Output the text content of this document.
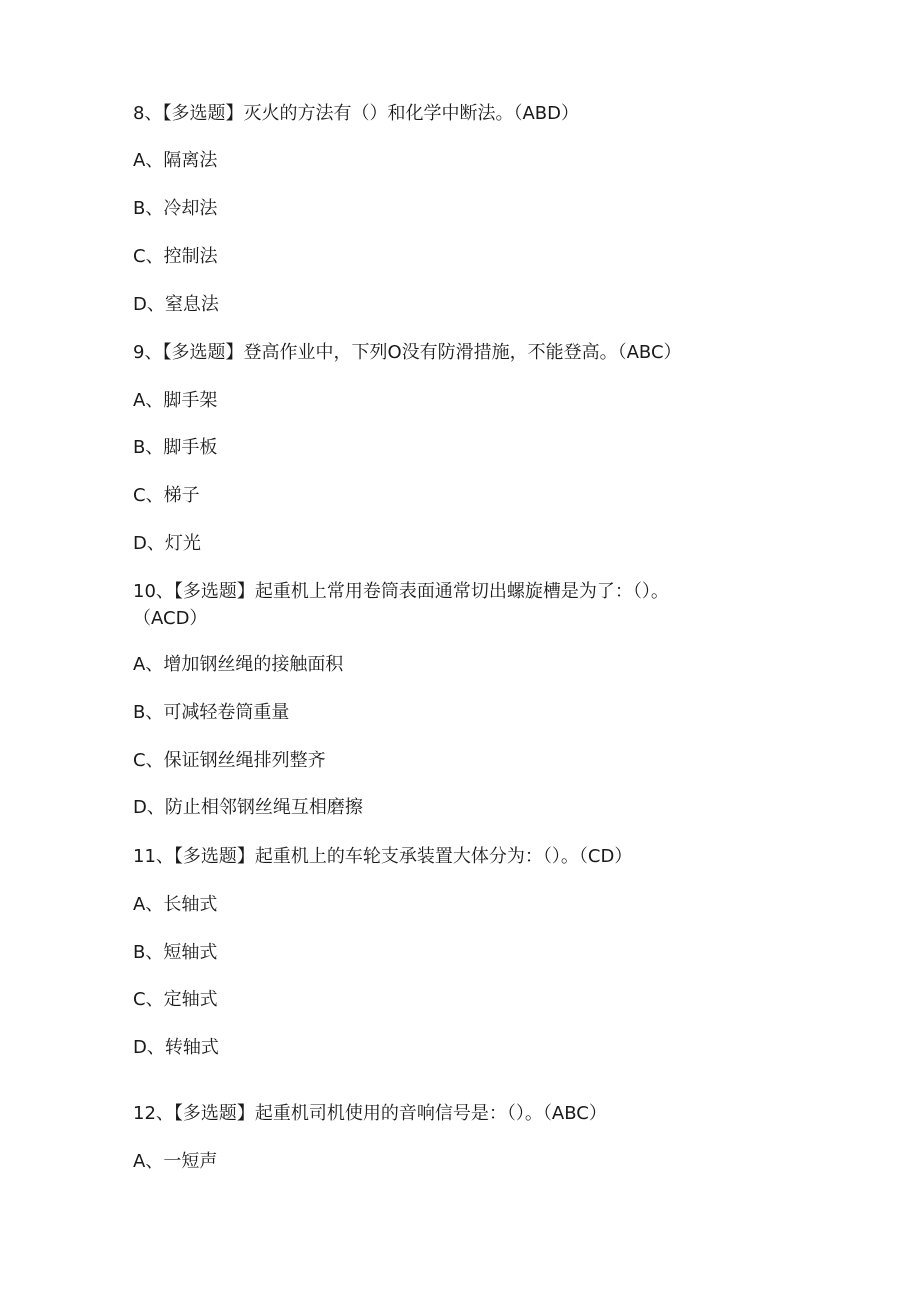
8、【多选题】灭火的方法有（）和化学中断法。（ABD）
A、隔离法
B、冷却法
C、控制法
D、窒息法
9、【多选题】登高作业中，下列O没有防滑措施，不能登高。（ABC）
A、脚手架
B、脚手板
C、梯子
D、灯光
10、【多选题】起重机上常用卷筒表面通常切出螺旋槽是为了：（）。
（ACD）
A、增加钢丝绳的接触面积
B、可减轻卷筒重量
C、保证钢丝绳排列整齐
D、防止相邻钢丝绳互相磨擦
11、【多选题】起重机上的车轮支承装置大体分为：（）。（CD）
A、长轴式
B、短轴式
C、定轴式
D、转轴式
12、【多选题】起重机司机使用的音响信号是：（）。（ABC）
A、一短声
